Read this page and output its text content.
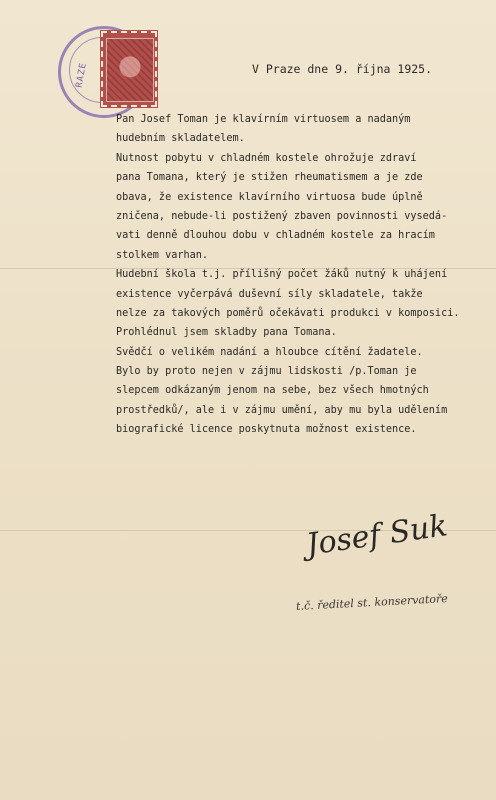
RAZE	V Praze dne 9. října 1925.
Pan Josef Toman je klavírním virtuosem a nadaným
hudebním skladatelem.
Nutnost pobytu v chladném kostele ohrožuje zdraví
pana Tomana, který je stižen rheumatismem a je zde
obava, že existence klavírního virtuosa bude úplně
zničena, nebude-li postižený zbaven povinnosti vysedá-
vati denně dlouhou dobu v chladném kostele za hracím
stolkem varhan.
Hudební škola t.j. přílišný počet žáků nutný k uhájení
existence vyčerpává duševní síly skladatele, takže
nelze za takových poměrů očekávati produkci v komposici.
Prohlédnul jsem skladby pana Tomana.
Svědčí o velikém nadání a hloubce cítění žadatele.
Bylo by proto nejen v zájmu lidskosti /p.Toman je
slepcem odkázaným jenom na sebe, bez všech hmotných
prostředků/, ale i v zájmu umění, aby mu byla udělením
biografické licence poskytnuta možnost existence.
Josef Suk
t.č. ředitel st. konservatoře
